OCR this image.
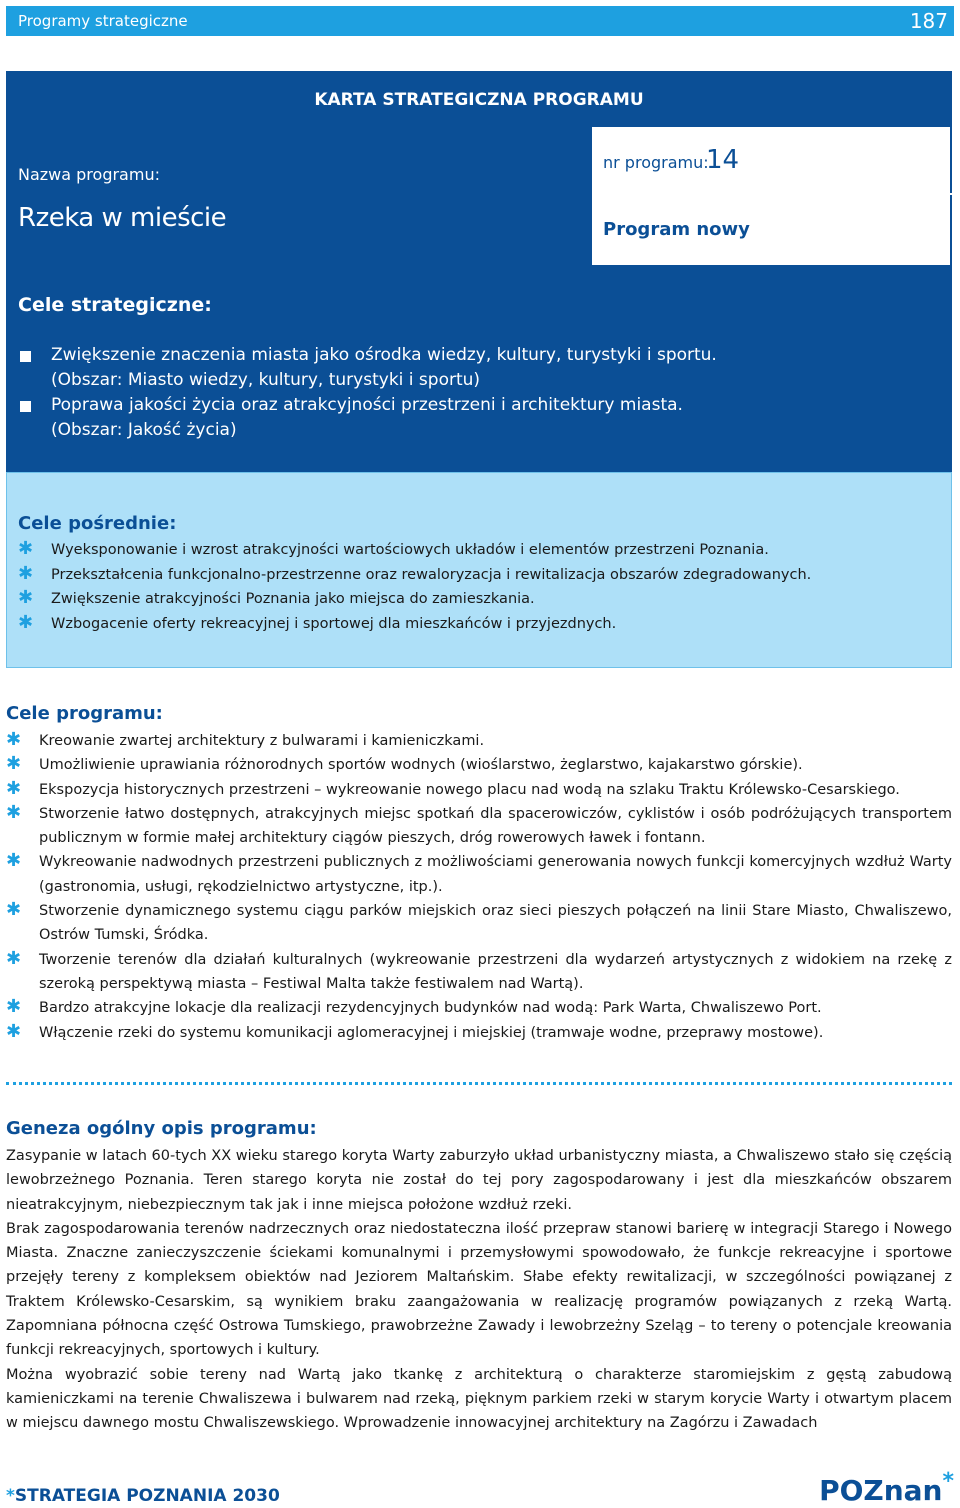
Programy strategiczne	187
KARTA STRATEGICZNA PROGRAMU
Nazwa programu:
Rzeka w mieście
nr programu:
14
Program nowy
Cele strategiczne:
Zwiększenie znaczenia miasta jako ośrodka wiedzy, kultury, turystyki i sportu.
(Obszar: Miasto wiedzy, kultury, turystyki i sportu)
Poprawa jakości życia oraz atrakcyjności przestrzeni i architektury miasta.
(Obszar: Jakość życia)
Cele pośrednie:
✱ Wyeksponowanie i wzrost atrakcyjności wartościowych układów i elementów przestrzeni Poznania.
✱ Przekształcenia funkcjonalno-przestrzenne oraz rewaloryzacja i rewitalizacja obszarów zdegradowanych.
✱ Zwiększenie atrakcyjności Poznania jako miejsca do zamieszkania.
✱ Wzbogacenie oferty rekreacyjnej i sportowej dla mieszkańców i przyjezdnych.
Cele programu:
✱ Kreowanie zwartej architektury z bulwarami i kamieniczkami.
✱ Umożliwienie uprawiania różnorodnych sportów wodnych (wioślarstwo, żeglarstwo, kajakarstwo górskie).
✱ Ekspozycja historycznych przestrzeni – wykreowanie nowego placu nad wodą na szlaku Traktu Królewsko-Cesarskiego.
✱ Stworzenie łatwo dostępnych, atrakcyjnych miejsc spotkań dla spacerowiczów, cyklistów i osób podróżujących transportem publicznym w formie małej architektury ciągów pieszych, dróg rowerowych ławek i fontann.
✱ Wykreowanie nadwodnych przestrzeni publicznych z możliwościami generowania nowych funkcji komercyjnych wzdłuż Warty (gastronomia, usługi, rękodzielnictwo artystyczne, itp.).
✱ Stworzenie dynamicznego systemu ciągu parków miejskich oraz sieci pieszych połączeń na linii Stare Miasto, Chwaliszewo, Ostrów Tumski, Śródka.
✱ Tworzenie terenów dla działań kulturalnych (wykreowanie przestrzeni dla wydarzeń artystycznych z widokiem na rzekę z szeroką perspektywą miasta – Festiwal Malta także festiwalem nad Wartą).
✱ Bardzo atrakcyjne lokacje dla realizacji rezydencyjnych budynków nad wodą: Park Warta, Chwaliszewo Port.
✱ Włączenie rzeki do systemu komunikacji aglomeracyjnej i miejskiej (tramwaje wodne, przeprawy mostowe).
Geneza ogólny opis programu:

Zasypanie w latach 60-tych XX wieku starego koryta Warty zaburzyło układ urbanistyczny miasta, a Chwaliszewo stało się częścią lewobrzeżnego Poznania. Teren starego koryta nie został do tej pory zagospodarowany i jest dla mieszkańców obszarem nieatrakcyjnym, niebezpiecznym tak jak i inne miejsca położone wzdłuż rzeki.

Brak zagospodarowania terenów nadrzecznych oraz niedostateczna ilość przepraw stanowi barierę w integracji Starego i Nowego Miasta. Znaczne zanieczyszczenie ściekami komunalnymi i przemysłowymi spowodowało, że funkcje rekreacyjne i sportowe przejęły tereny z kompleksem obiektów nad Jeziorem Maltańskim. Słabe efekty rewitalizacji, w szczególności powiązanej z Traktem Królewsko-Cesarskim, są wynikiem braku zaangażowania w realizację programów powiązanych z rzeką Wartą. Zapomniana północna część Ostrowa Tumskiego, prawobrzeżne Zawady i lewobrzeżny Szeląg – to tereny o potencjale kreowania funkcji rekreacyjnych, sportowych i kultury.

Można wyobrazić sobie tereny nad Wartą jako tkankę z architekturą o charakterze staromiejskim z gęstą zabudową kamieniczkami na terenie Chwaliszewa i bulwarem nad rzeką, pięknym parkiem rzeki w starym korycie Warty i otwartym placem w miejscu dawnego mostu Chwaliszewskiego. Wprowadzenie innowacyjnej architektury na Zagórzu i Zawadach

*STRATEGIA POZNANIA 2030	POZnan*
